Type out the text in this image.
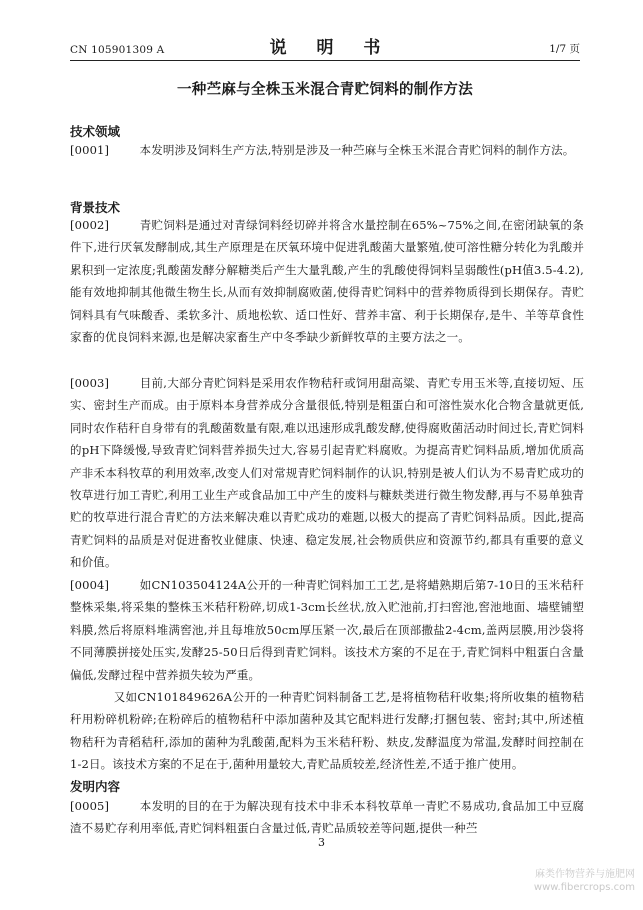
CN 105901309 A	说 明 书	1/7 页
一种苎麻与全株玉米混合青贮饲料的制作方法
技术领域
[ 0001 ]	本发明涉及饲料生产方法,特别是涉及一种苎麻与全株玉米混合青贮饲料的制作方法。
背景技术
[ 0002 ]	青贮饲料是通过对青绿饲料经切碎并将含水量控制在65%~75%之间,在密闭缺氧的条件下,进行厌氧发酵制成,其生产原理是在厌氧环境中促进乳酸菌大量繁殖,使可溶性糖分转化为乳酸并累积到一定浓度;乳酸菌发酵分解糖类后产生大量乳酸,产生的乳酸使得饲料呈弱酸性(pH值3.5-4.2),能有效地抑制其他微生物生长,从而有效抑制腐败菌,使得青贮饲料中的营养物质得到长期保存。青贮饲料具有气味酸香、柔软多汁、质地松软、适口性好、营养丰富、利于长期保存,是牛、羊等草食性家畜的优良饲料来源,也是解决家畜生产中冬季缺少新鲜牧草的主要方法之一。
[ 0003 ]	目前,大部分青贮饲料是采用农作物秸秆或饲用甜高粱、青贮专用玉米等,直接切短、压实、密封生产而成。由于原料本身营养成分含量很低,特别是粗蛋白和可溶性炭水化合物含量就更低,同时农作秸秆自身带有的乳酸菌数量有限,难以迅速形成乳酸发酵,使得腐败菌活动时间过长,青贮饲料的pH下降缓慢,导致青贮饲料营养损失过大,容易引起青贮料腐败。为提高青贮饲料品质,增加优质高产非禾本科牧草的利用效率,改变人们对常规青贮饲料制作的认识,特别是被人们认为不易青贮成功的牧草进行加工青贮,利用工业生产或食品加工中产生的废料与糠麸类进行微生物发酵,再与不易单独青贮的牧草进行混合青贮的方法来解决难以青贮成功的难题,以极大的提高了青贮饲料品质。因此,提高青贮饲料的品质是对促进畜牧业健康、快速、稳定发展,社会物质供应和资源节约,都具有重要的意义和价值。
[ 0004 ]	如CN103504124A公开的一种青贮饲料加工工艺,是将蜡熟期后第7-10日的玉米秸秆整株采集,将采集的整株玉米秸秆粉碎,切成1-3cm长丝状,放入贮池前,打扫窖池,窖池地面、墙壁铺塑料膜,然后将原料堆满窖池,并且每堆放50cm厚压紧一次,最后在顶部撒盐2-4cm,盖两层膜,用沙袋将不同薄膜拼接处压实,发酵25-50日后得到青贮饲料。该技术方案的不足在于,青贮饲料中粗蛋白含量偏低,发酵过程中营养损失较为严重。
又如CN101849626A公开的一种青贮饲料制备工艺,是将植物秸秆收集;将所收集的植物秸秆用粉碎机粉碎;在粉碎后的植物秸秆中添加菌种及其它配料进行发酵;打捆包装、密封;其中,所述植物秸秆为青稻秸秆,添加的菌种为乳酸菌,配料为玉米秸秆粉、麸皮,发酵温度为常温,发酵时间控制在1-2日。该技术方案的不足在于,菌种用量较大,青贮品质较差,经济性差,不适于推广使用。
发明内容
[ 0005 ]	本发明的目的在于为解决现有技术中非禾本科牧草单一青贮不易成功,食品加工中豆腐渣不易贮存利用率低,青贮饲料粗蛋白含量过低,青贮品质较差等问题,提供一种苎
3
麻类作物营养与施肥网
www.fibercrops.com
